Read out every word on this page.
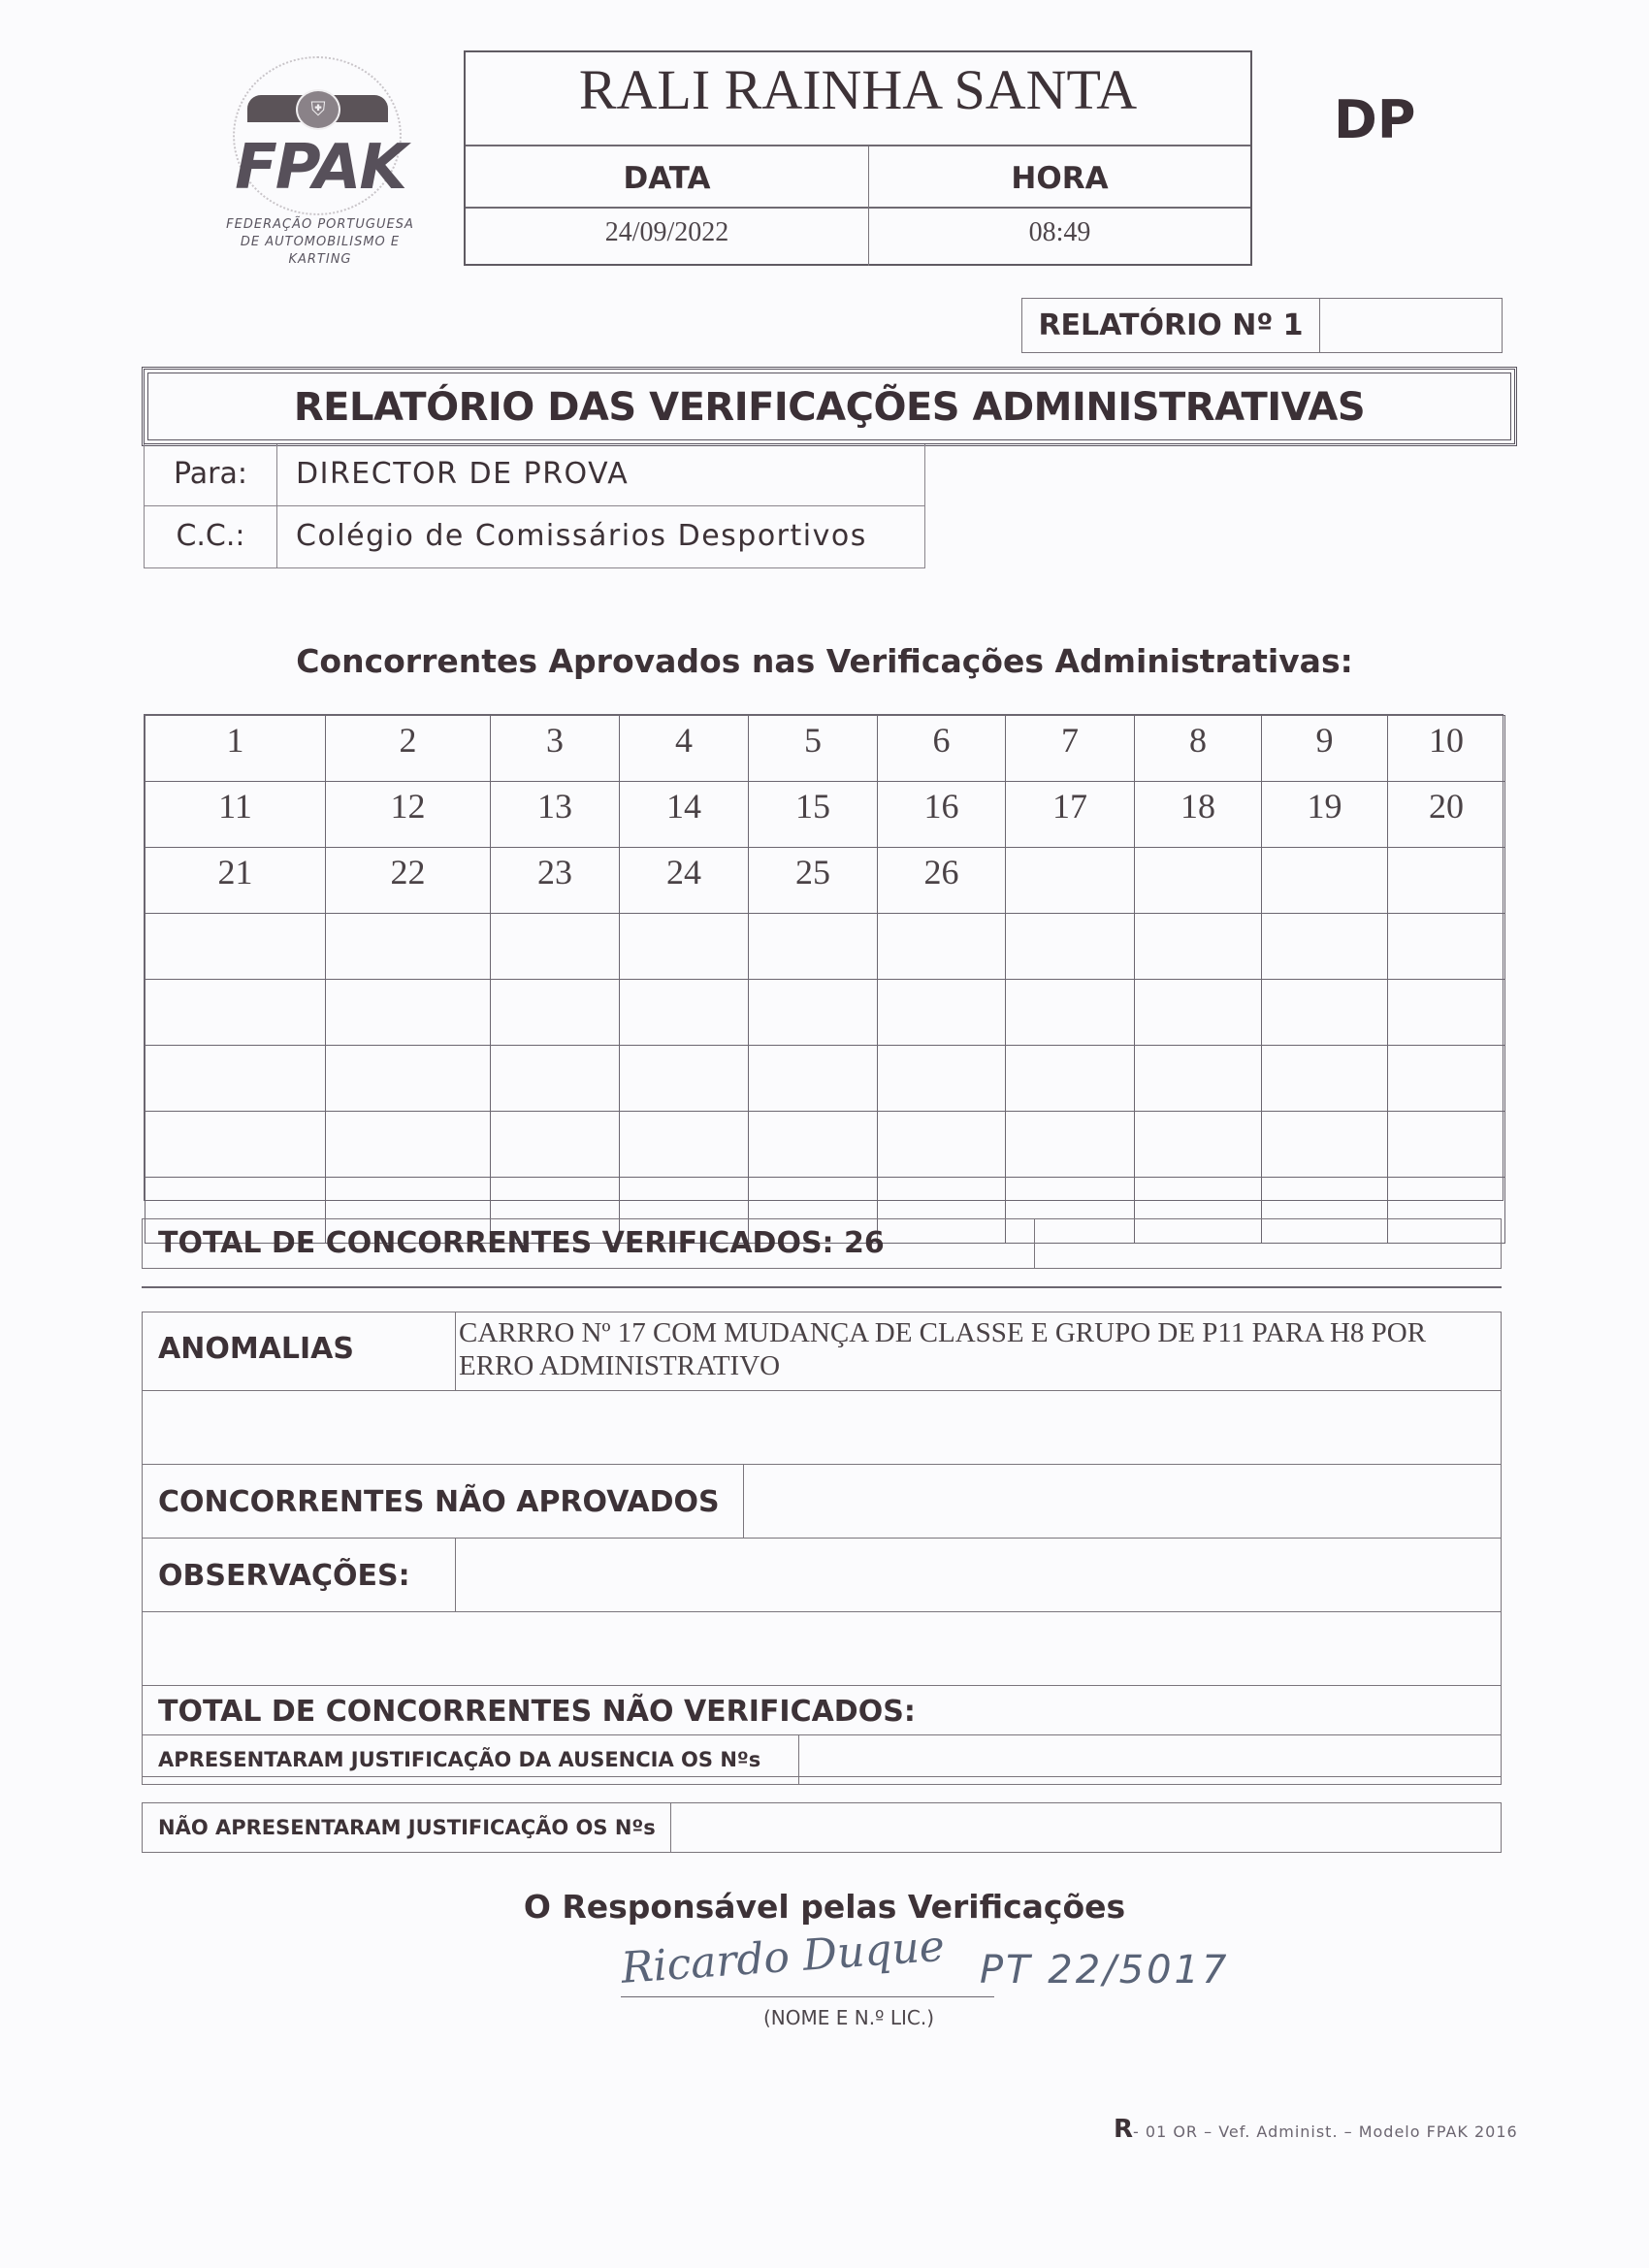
⛨
FPAK
FEDERAÇÃO PORTUGUESA
DE AUTOMOBILISMO E KARTING
RALI RAINHA SANTA
DATA	HORA
24/09/2022	08:49
DP
RELATÓRIO Nº 1
RELATÓRIO DAS VERIFICAÇÕES ADMINISTRATIVAS
Para:	DIRECTOR DE PROVA
C.C.:	Colégio de Comissários Desportivos
Concorrentes Aprovados nas Verificações Administrativas:
1	2	3	4	5	6	7	8	9	10
11	12	13	14	15	16	17	18	19	20
21	22	23	24	25	26				

TOTAL DE CONCORRENTES VERIFICADOS: 26
ANOMALIAS	CARRRO Nº 17 COM MUDANÇA DE CLASSE E GRUPO DE P11 PARA H8 POR ERRO ADMINISTRATIVO
CONCORRENTES NÃO APROVADOS
OBSERVAÇÕES:
TOTAL DE CONCORRENTES NÃO VERIFICADOS:
APRESENTARAM JUSTIFICAÇÃO DA AUSENCIA OS Nºs
NÃO APRESENTARAM JUSTIFICAÇÃO OS Nºs
O Responsável pelas Verificações
Ricardo Duque PT 22/5017
(NOME E N.º LIC.)
R- 01 OR – Vef. Administ. – Modelo FPAK 2016
